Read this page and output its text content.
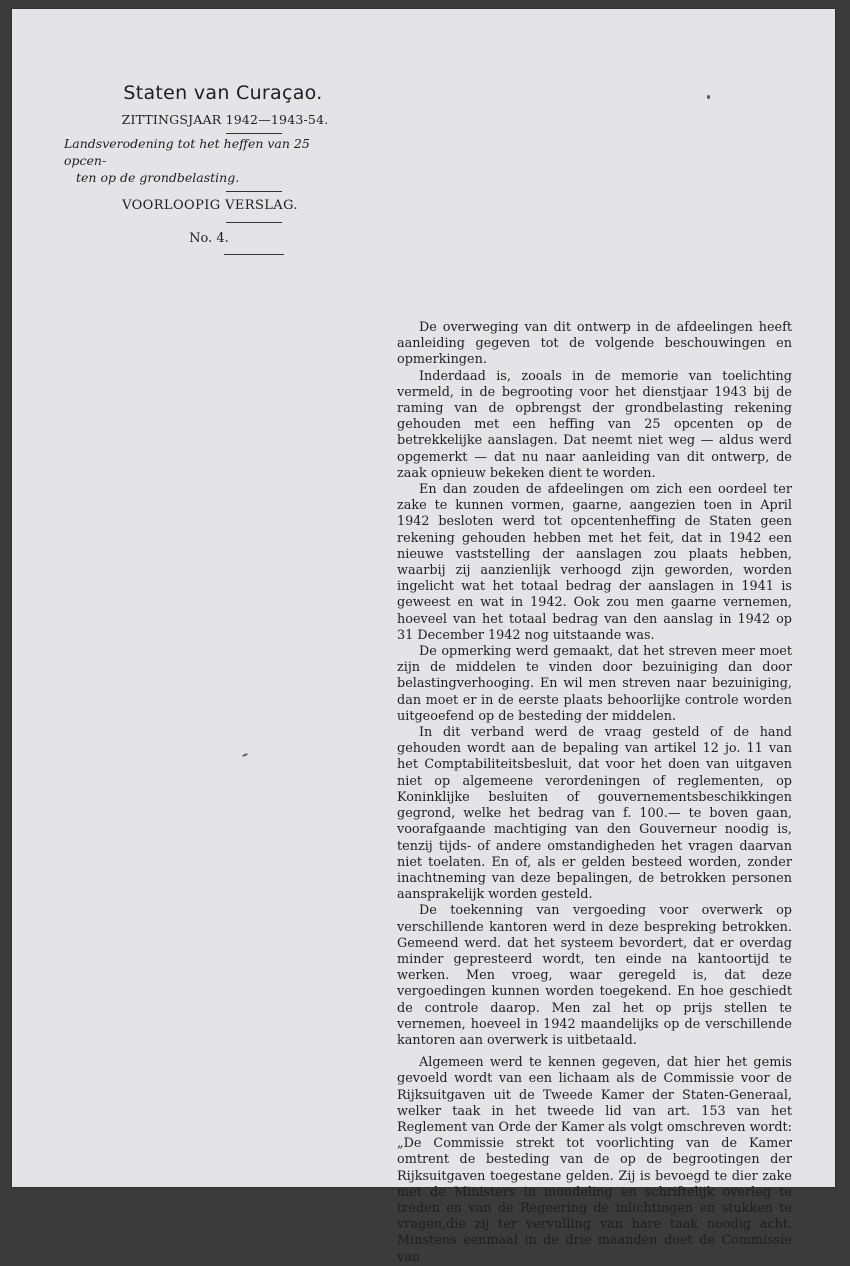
Staten van Curaçao.
ZITTINGSJAAR 1942—1943-54.
Landsverodening tot het heffen van 25 opcen-
ten op de grondbelasting.
VOORLOOPIG VERSLAG.
No. 4.

De overweging van dit ontwerp in de afdeelingen heeft aanleiding gegeven tot de volgende beschouwingen en opmerkingen.

Inderdaad is, zooals in de memorie van toelichting vermeld, in de begrooting voor het dienstjaar 1943 bij de raming van de opbrengst der grondbelasting rekening gehouden met een heffing van 25 opcenten op de betrekkelijke aanslagen. Dat neemt niet weg — aldus werd opgemerkt — dat nu naar aanleiding van dit ontwerp, de zaak opnieuw bekeken dient te worden.

En dan zouden de afdeelingen om zich een oordeel ter zake te kunnen vormen, gaarne, aangezien toen in April 1942 besloten werd tot opcentenheffing de Staten geen rekening gehouden hebben met het feit, dat in 1942 een nieuwe vaststelling der aanslagen zou plaats hebben, waarbij zij aanzienlijk verhoogd zijn geworden, worden ingelicht wat het totaal bedrag der aanslagen in 1941 is geweest en wat in 1942. Ook zou men gaarne vernemen, hoeveel van het totaal bedrag van den aanslag in 1942 op 31 December 1942 nog uitstaande was.

De opmerking werd gemaakt, dat het streven meer moet zijn de middelen te vinden door bezuiniging dan door belastingverhooging. En wil men streven naar bezuiniging, dan moet er in de eerste plaats behoorlijke controle worden uitgeoefend op de besteding der middelen.

In dit verband werd de vraag gesteld of de hand gehouden wordt aan de bepaling van artikel 12 jo. 11 van het Comptabiliteitsbesluit, dat voor het doen van uitgaven niet op algemeene verordeningen of reglementen, op Koninklijke besluiten of gouvernementsbeschikkingen gegrond, welke het bedrag van f. 100.— te boven gaan, voorafgaande machtiging van den Gouverneur noodig is, tenzij tijds- of andere omstandigheden het vragen daarvan niet toelaten. En of, als er gelden besteed worden, zonder inachtneming van deze bepalingen, de betrokken personen aansprakelijk worden gesteld.

De toekenning van vergoeding voor overwerk op verschillende kantoren werd in deze bespreking betrokken. Gemeend werd. dat het systeem bevordert, dat er overdag minder gepresteerd wordt, ten einde na kantoortijd te werken. Men vroeg, waar geregeld is, dat deze vergoedingen kunnen worden toegekend. En hoe geschiedt de controle daarop. Men zal het op prijs stellen te vernemen, hoeveel in 1942 maandelijks op de verschillende kantoren aan overwerk is uitbetaald.

Algemeen werd te kennen gegeven, dat hier het gemis gevoeld wordt van een lichaam als de Commissie voor de Rijksuitgaven uit de Tweede Kamer der Staten-Generaal, welker taak in het tweede lid van art. 153 van het Reglement van Orde der Kamer als volgt omschreven wordt: „De Commissie strekt tot voorlichting van de Kamer omtrent de besteding van de op de begrootingen der Rijksuitgaven toegestane gelden. Zij is bevoegd te dier zake met de Ministers in mondeling en schriftelijk overleg te treden en van de Regeering de inlichtingen en stukken te vragen,die zij ter vervulling van hare taak noodig acht. Minstens eenmaal in de drie maanden doet de Commissie van
